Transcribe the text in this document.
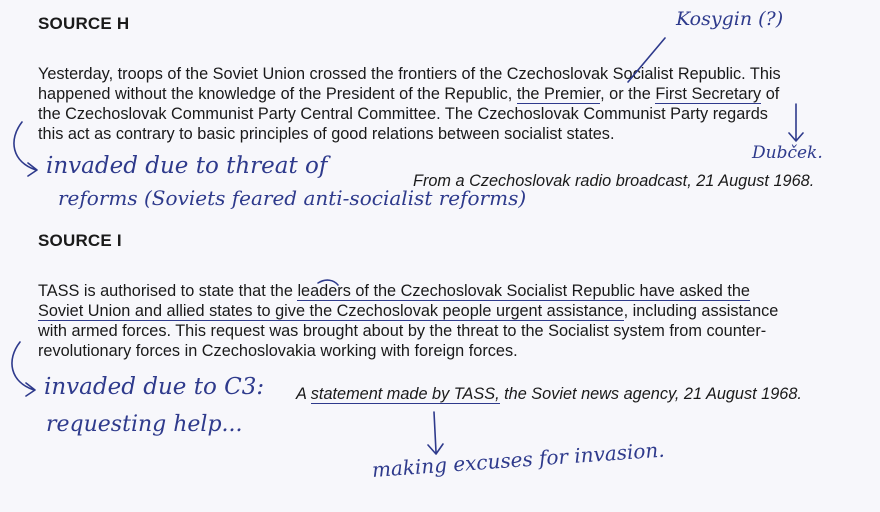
SOURCE H
Yesterday, troops of the Soviet Union crossed the frontiers of the Czechoslovak Socialist Republic. This
happened without the knowledge of the President of the Republic, the Premier, or the First Secretary of
the Czechoslovak Communist Party Central Committee. The Czechoslovak Communist Party regards
this act as contrary to basic principles of good relations between socialist states.
From a Czechoslovak radio broadcast, 21 August 1968.
SOURCE I
TASS is authorised to state that the leaders of the Czechoslovak Socialist Republic have asked the
Soviet Union and allied states to give the Czechoslovak people urgent assistance, including assistance
with armed forces. This request was brought about by the threat to the Socialist system from counter-
revolutionary forces in Czechoslovakia working with foreign forces.
A statement made by TASS, the Soviet news agency, 21 August 1968.
Kosygin (?)
Dubček.
invaded due to threat of
reforms (Soviets feared anti-socialist reforms)
invaded due to C3:
requesting help...
making excuses for invasion.
